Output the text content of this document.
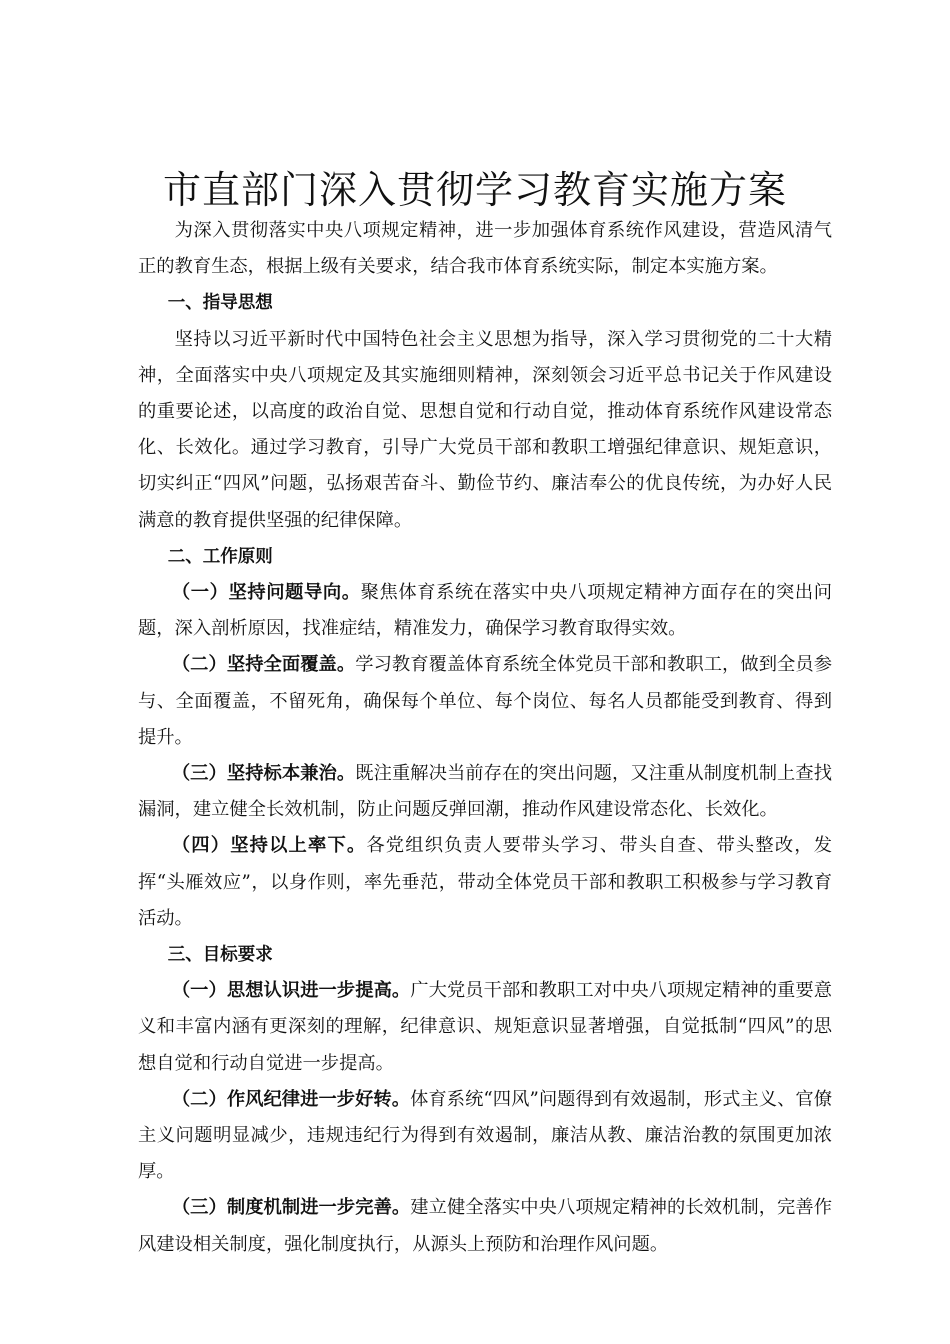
市直部门深入贯彻学习教育实施方案

为深入贯彻落实中央八项规定精神，进一步加强体育系统作风建设，营造风清气正的教育生态，根据上级有关要求，结合我市体育系统实际，制定本实施方案。

一、指导思想

坚持以习近平新时代中国特色社会主义思想为指导，深入学习贯彻党的二十大精神，全面落实中央八项规定及其实施细则精神，深刻领会习近平总书记关于作风建设的重要论述，以高度的政治自觉、思想自觉和行动自觉，推动体育系统作风建设常态化、长效化。通过学习教育，引导广大党员干部和教职工增强纪律意识、规矩意识，切实纠正“四风”问题，弘扬艰苦奋斗、勤俭节约、廉洁奉公的优良传统，为办好人民满意的教育提供坚强的纪律保障。

二、工作原则

（一）坚持问题导向。聚焦体育系统在落实中央八项规定精神方面存在的突出问题，深入剖析原因，找准症结，精准发力，确保学习教育取得实效。

（二）坚持全面覆盖。学习教育覆盖体育系统全体党员干部和教职工，做到全员参与、全面覆盖，不留死角，确保每个单位、每个岗位、每名人员都能受到教育、得到提升。

（三）坚持标本兼治。既注重解决当前存在的突出问题，又注重从制度机制上查找漏洞，建立健全长效机制，防止问题反弹回潮，推动作风建设常态化、长效化。

（四）坚持以上率下。各党组织负责人要带头学习、带头自查、带头整改，发挥“头雁效应”，以身作则，率先垂范，带动全体党员干部和教职工积极参与学习教育活动。

三、目标要求

（一）思想认识进一步提高。广大党员干部和教职工对中央八项规定精神的重要意义和丰富内涵有更深刻的理解，纪律意识、规矩意识显著增强，自觉抵制“四风”的思想自觉和行动自觉进一步提高。

（二）作风纪律进一步好转。体育系统“四风”问题得到有效遏制，形式主义、官僚主义问题明显减少，违规违纪行为得到有效遏制，廉洁从教、廉洁治教的氛围更加浓厚。

（三）制度机制进一步完善。建立健全落实中央八项规定精神的长效机制，完善作风建设相关制度，强化制度执行，从源头上预防和治理作风问题。
